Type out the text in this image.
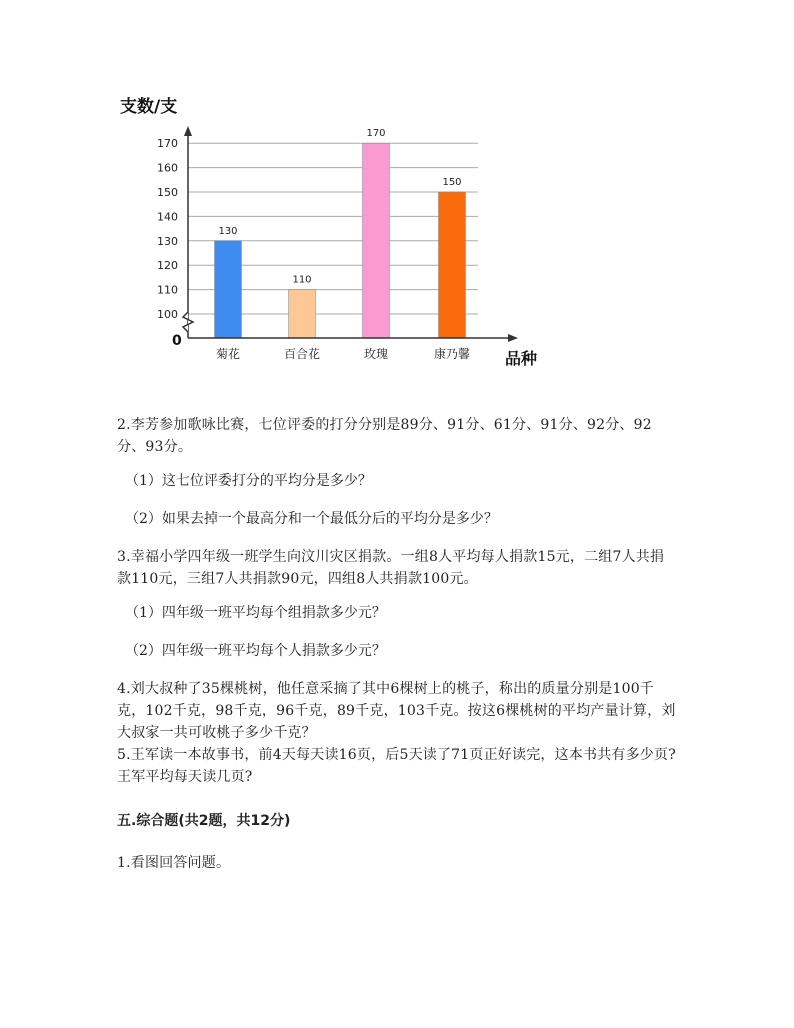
支数/支
130
110
170
150
100
110
120
130
140
150
160
170
菊花	百合花	玫瑰	康乃馨
0
品种
2.李芳参加歌咏比赛，七位评委的打分分别是89分、91分、61分、91分、92分、92分、93分。
（1）这七位评委打分的平均分是多少？
（2）如果去掉一个最高分和一个最低分后的平均分是多少？
3.幸福小学四年级一班学生向汶川灾区捐款。一组8人平均每人捐款15元，二组7人共捐款110元，三组7人共捐款90元，四组8人共捐款100元。
（1）四年级一班平均每个组捐款多少元？
（2）四年级一班平均每个人捐款多少元？
4.刘大叔种了35棵桃树，他任意采摘了其中6棵树上的桃子，称出的质量分别是100千克，102千克，98千克，96千克，89千克，103千克。按这6棵桃树的平均产量计算，刘大叔家一共可收桃子多少千克？
5.王军读一本故事书，前4天每天读16页，后5天读了71页正好读完，这本书共有多少页?王军平均每天读几页?
五.综合题(共2题，共12分)
1.看图回答问题。
